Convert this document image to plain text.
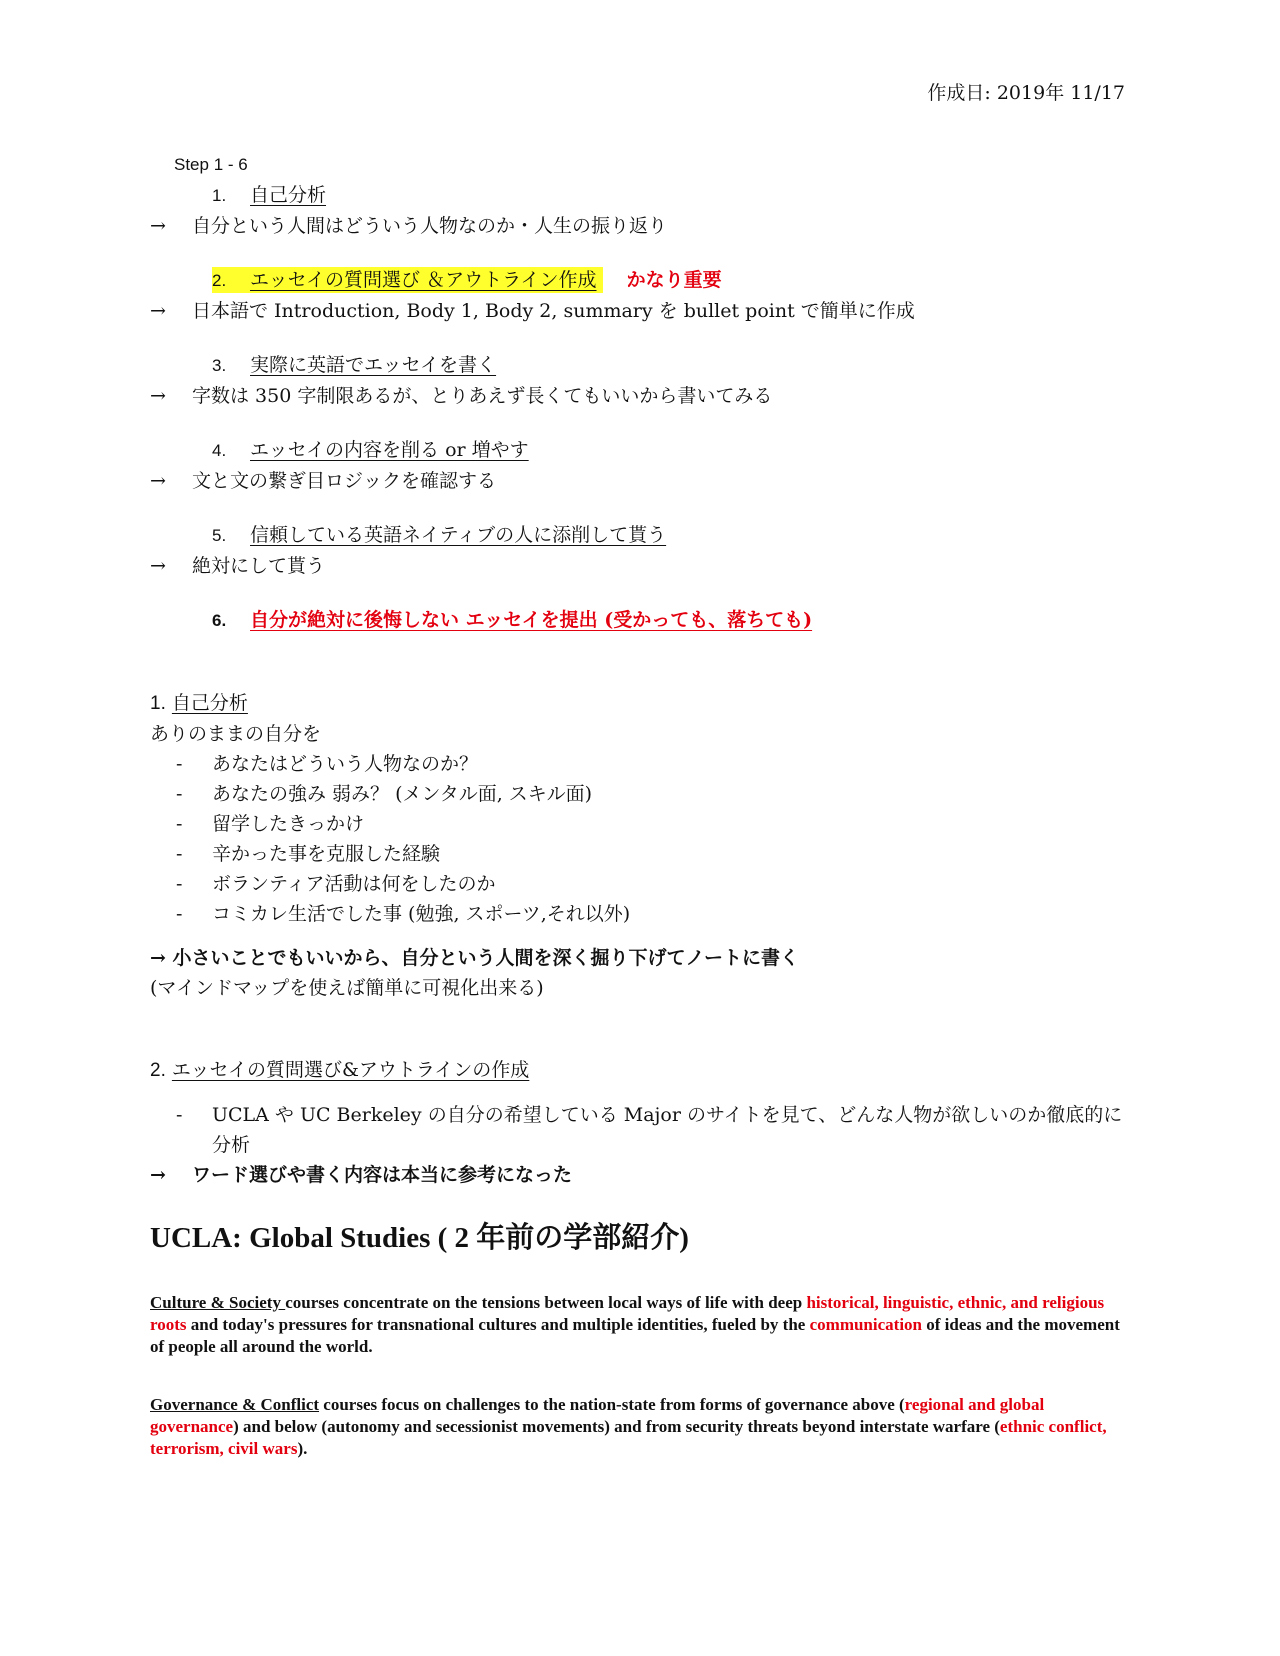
作成日: 2019年 11/17
Step 1 - 6
1. 自己分析
→ 自分という人間はどういう人物なのか・人生の振り返り
2. エッセイの質問選び ＆アウトライン作成 かなり重要
→ 日本語で Introduction, Body 1, Body 2, summary を bullet point で簡単に作成
3. 実際に英語でエッセイを書く
→ 字数は 350 字制限あるが、とりあえず長くてもいいから書いてみる
4. エッセイの内容を削る or 増やす
→ 文と文の繋ぎ目ロジックを確認する
5. 信頼している英語ネイティブの人に添削して貰う
→ 絶対にして貰う
6. 自分が絶対に後悔しない エッセイを提出 (受かっても、落ちても)
1. 自己分析
ありのままの自分を
- あなたはどういう人物なのか？
- あなたの強み 弱み？ (メンタル面, スキル面)
- 留学したきっかけ
- 辛かった事を克服した経験
- ボランティア活動は何をしたのか
- コミカレ生活でした事 (勉強, スポーツ,それ以外)
→ 小さいことでもいいから、自分という人間を深く掘り下げてノートに書く
(マインドマップを使えば簡単に可視化出来る)
2. エッセイの質問選び&アウトラインの作成
- UCLA や UC Berkeley の自分の希望している Major のサイトを見て、どんな人物が欲しいのか徹底的に分析
→ ワード選びや書く内容は本当に参考になった
UCLA: Global Studies ( 2 年前の学部紹介)

Culture & Society courses concentrate on the tensions between local ways of life with deep historical, linguistic, ethnic, and religious roots and today's pressures for transnational cultures and multiple identities, fueled by the communication of ideas and the movement of people all around the world.

Governance & Conflict courses focus on challenges to the nation-state from forms of governance above (regional and global governance) and below (autonomy and secessionist movements) and from security threats beyond interstate warfare (ethnic conflict, terrorism, civil wars).
